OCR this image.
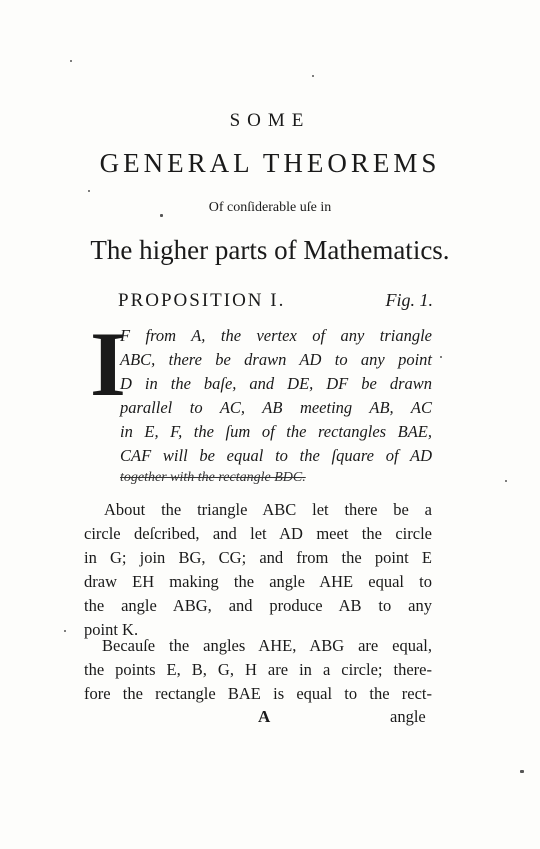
SOME
GENERAL THEOREMS
Of conſiderable uſe in
The higher parts of Mathematics.
PROPOSITION I.	Fig. 1.
I
F from A, the vertex of any triangle
ABC, there be drawn AD to any point
D in the baſe, and DE, DF be drawn
parallel to AC, AB meeting AB, AC
in E, F, the ſum of the rectangles BAE,
CAF will be equal to the ſquare of AD
together with the rectangle BDC.
About the triangle ABC let there be a
circle deſcribed, and let AD meet the circle
in G; join BG, CG; and from the point E
draw EH making the angle AHE equal to
the angle ABG, and produce AB to any
point K.
Becauſe the angles AHE, ABG are equal,
the points E, B, G, H are in a circle; there-
fore the rectangle BAE is equal to the rect-
A	angle
